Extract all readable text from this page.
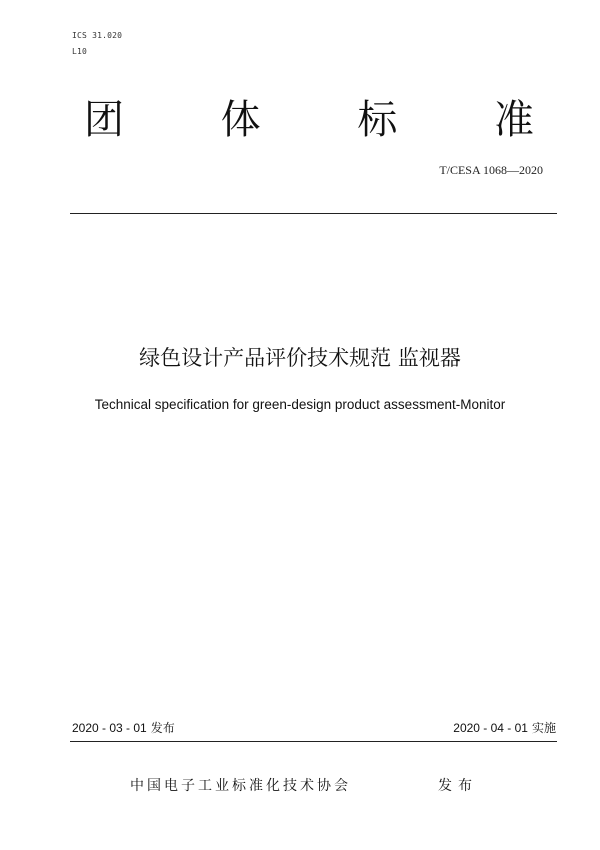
ICS 31.020
L10
团 体 标 准
T/CESA 1068—2020
绿色设计产品评价技术规范 监视器
Technical specification for green-design product assessment-Monitor
2020 - 03 - 01 发布	2020 - 04 - 01 实施
中国电子工业标准化技术协会	发布
